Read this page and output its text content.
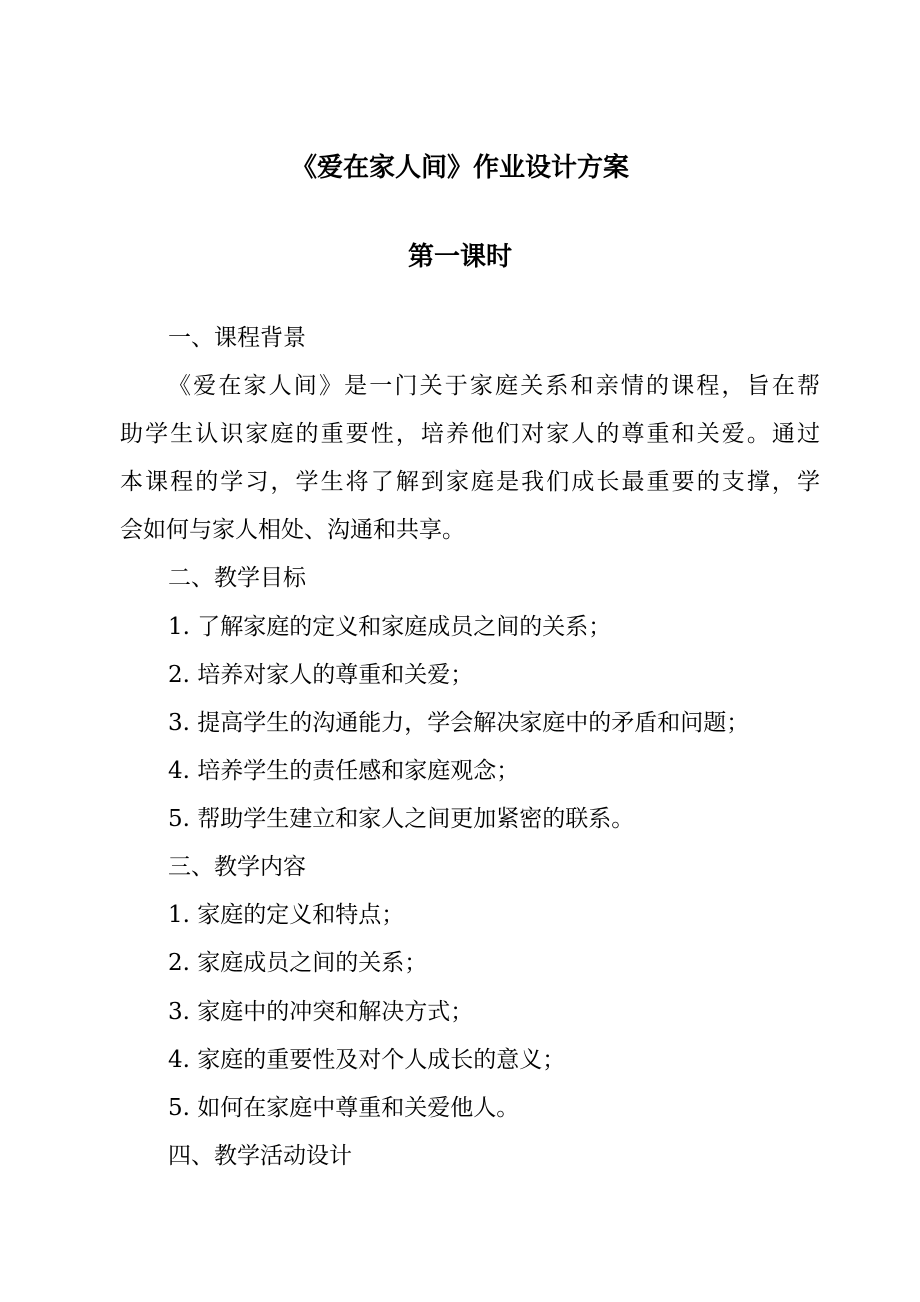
《爱在家人间》作业设计方案
第一课时
一、课程背景
《爱在家人间》是一门关于家庭关系和亲情的课程，旨在帮
助学生认识家庭的重要性，培养他们对家人的尊重和关爱。通过
本课程的学习，学生将了解到家庭是我们成长最重要的支撑，学
会如何与家人相处、沟通和共享。
二、教学目标
1. 了解家庭的定义和家庭成员之间的关系；
2. 培养对家人的尊重和关爱；
3. 提高学生的沟通能力，学会解决家庭中的矛盾和问题；
4. 培养学生的责任感和家庭观念；
5. 帮助学生建立和家人之间更加紧密的联系。
三、教学内容
1. 家庭的定义和特点；
2. 家庭成员之间的关系；
3. 家庭中的冲突和解决方式；
4. 家庭的重要性及对个人成长的意义；
5. 如何在家庭中尊重和关爱他人。
四、教学活动设计
